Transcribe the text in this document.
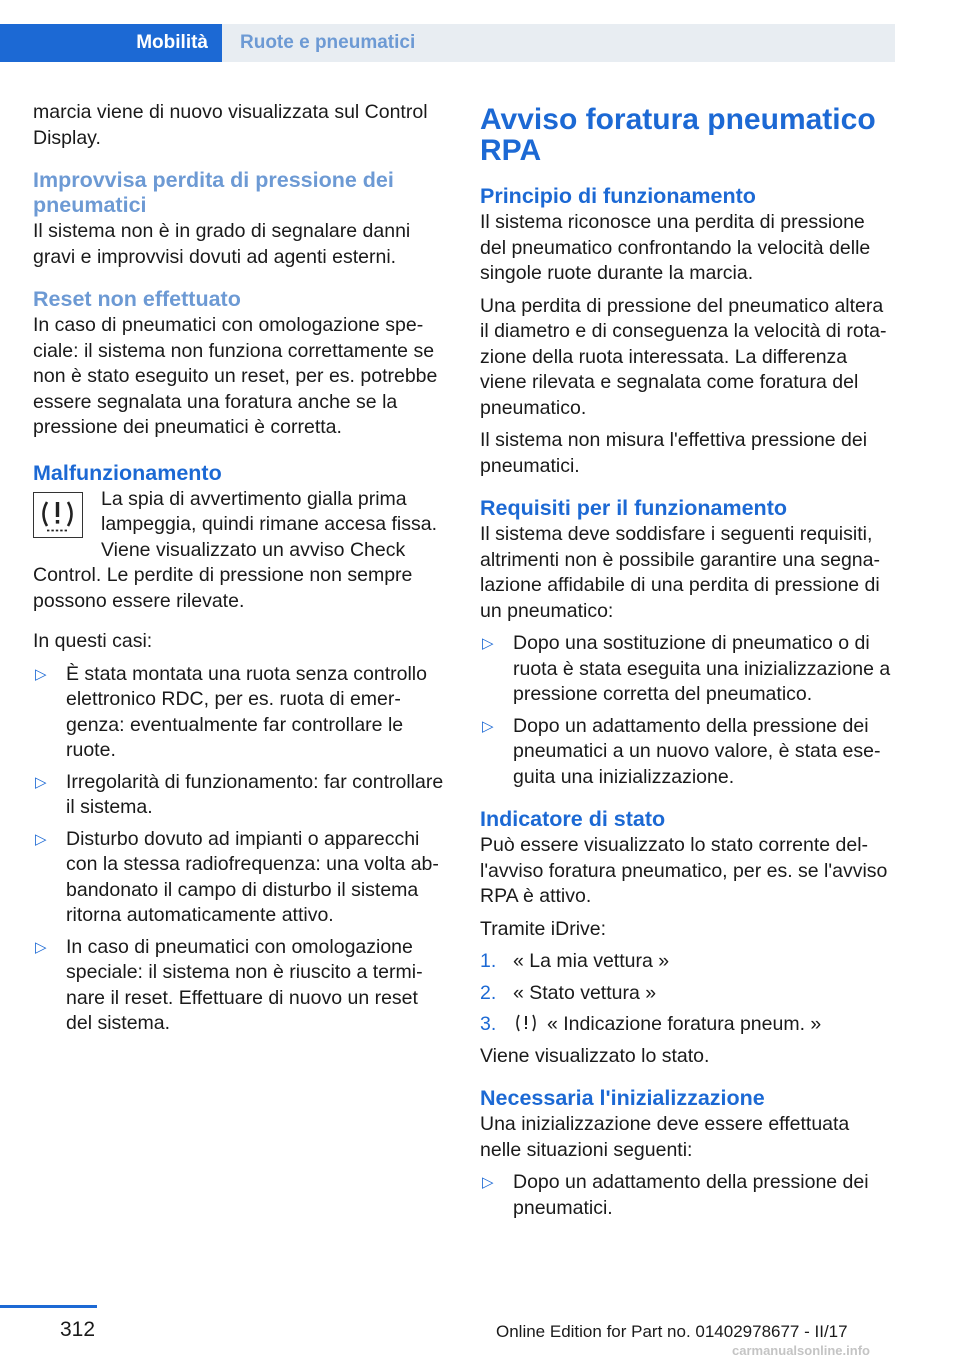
Mobilità	Ruote e pneumatici

marcia viene di nuovo visualizzata sul Control Display.

Improvvisa perdita di pressione dei pneumatici

Il sistema non è in grado di segnalare danni gravi e improvvisi dovuti ad agenti esterni.

Reset non effettuato

In caso di pneumatici con omologazione speciale: il sistema non funziona correttamente se non è stato eseguito un reset, per es. potrebbe essere segnalata una foratura anche se la pressione dei pneumatici è corretta.

Malfunzionamento

La spia di avvertimento gialla prima lampeggia, quindi rimane accesa fissa. Viene visualizzato un avviso Check Control. Le perdite di pressione non sempre possono essere rilevate.

In questi casi:

▷ È stata montata una ruota senza controllo elettronico RDC, per es. ruota di emergenza: eventualmente far controllare le ruote.
▷ Irregolarità di funzionamento: far controllare il sistema.
▷ Disturbo dovuto ad impianti o apparecchi con la stessa radiofrequenza: una volta abbandonato il campo di disturbo il sistema ritorna automaticamente attivo.
▷ In caso di pneumatici con omologazione speciale: il sistema non è riuscito a terminare il reset. Effettuare di nuovo un reset del sistema.
Avviso foratura pneumatico RPA
Principio di funzionamento

Il sistema riconosce una perdita di pressione del pneumatico confrontando la velocità delle singole ruote durante la marcia.

Una perdita di pressione del pneumatico altera il diametro e di conseguenza la velocità di rotazione della ruota interessata. La differenza viene rilevata e segnalata come foratura del pneumatico.

Il sistema non misura l'effettiva pressione dei pneumatici.

Requisiti per il funzionamento

Il sistema deve soddisfare i seguenti requisiti, altrimenti non è possibile garantire una segnalazione affidabile di una perdita di pressione di un pneumatico:

▷ Dopo una sostituzione di pneumatico o di ruota è stata eseguita una inizializzazione a pressione corretta del pneumatico.
▷ Dopo un adattamento della pressione dei pneumatici a un nuovo valore, è stata eseguita una inizializzazione.
Indicatore di stato

Può essere visualizzato lo stato corrente dell'avviso foratura pneumatico, per es. se l'avviso RPA è attivo.

Tramite iDrive:

1. « La mia vettura »
2. « Stato vettura »
3.	« Indicazione foratura pneum. »

Viene visualizzato lo stato.

Necessaria l'inizializzazione

Una inizializzazione deve essere effettuata nelle situazioni seguenti:

▷ Dopo un adattamento della pressione dei pneumatici.
312	Online Edition for Part no. 01402978677 - II/17
carmanualsonline.info
